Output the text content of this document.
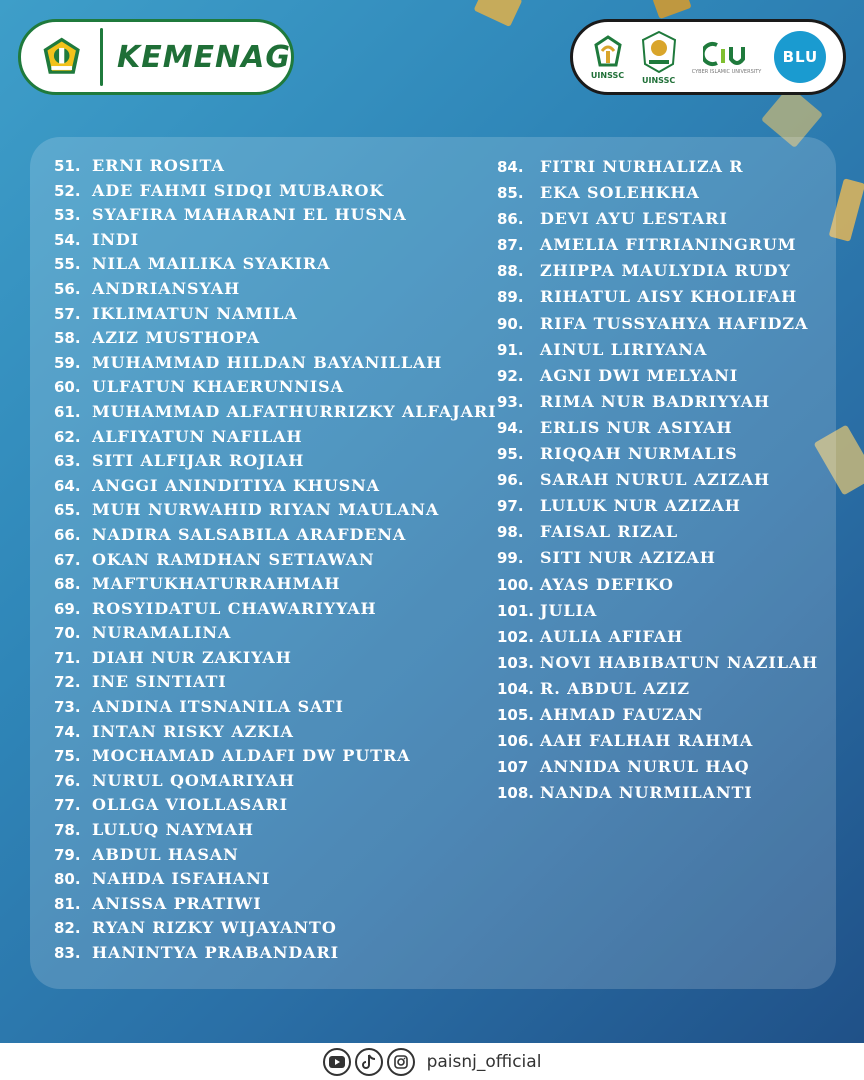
KEMENAG
UINSSC
UINSSC
CYBER ISLAMIC UNIVERSITY
BLU
51. ERNI ROSITA
52. ADE FAHMI SIDQI MUBAROK
53. SYAFIRA MAHARANI EL HUSNA
54. INDI
55. NILA MAILIKA SYAKIRA
56. ANDRIANSYAH
57. IKLIMATUN NAMILA
58. AZIZ MUSTHOPA
59. MUHAMMAD HILDAN BAYANILLAH
60. ULFATUN KHAERUNNISA
61. MUHAMMAD ALFATHURRIZKY ALFAJARI
62. ALFIYATUN NAFILAH
63. SITI ALFIJAR ROJIAH
64. ANGGI ANINDITIYA KHUSNA
65. MUH NURWAHID RIYAN MAULANA
66. NADIRA SALSABILA ARAFDENA
67. OKAN RAMDHAN SETIAWAN
68. MAFTUKHATURRAHMAH
69. ROSYIDATUL CHAWARIYYAH
70. NURAMALINA
71. DIAH NUR ZAKIYAH
72. INE SINTIATI
73. ANDINA ITSNANILA SATI
74. INTAN RISKY AZKIA
75. MOCHAMAD ALDAFI DW PUTRA
76. NURUL QOMARIYAH
77. OLLGA VIOLLASARI
78. LULUQ NAYMAH
79. ABDUL HASAN
80. NAHDA ISFAHANI
81. ANISSA PRATIWI
82. RYAN RIZKY WIJAYANTO
83. HANINTYA PRABANDARI
84.	FITRI NURHALIZA R
85.	EKA SOLEHKHA
86.	DEVI AYU LESTARI
87.	AMELIA FITRIANINGRUM
88.	ZHIPPA MAULYDIA RUDY
89.	RIHATUL AISY KHOLIFAH
90.	RIFA TUSSYAHYA HAFIDZA
91.	AINUL LIRIYANA
92.	AGNI DWI MELYANI
93.	RIMA NUR BADRIYYAH
94.	ERLIS NUR ASIYAH
95.	RIQQAH NURMALIS
96.	SARAH NURUL AZIZAH
97.	LULUK NUR AZIZAH
98.	FAISAL RIZAL
99.	SITI NUR AZIZAH
100. AYAS DEFIKO
101. JULIA
102. AULIA AFIFAH
103. NOVI HABIBATUN NAZILAH
104. R. ABDUL AZIZ
105. AHMAD FAUZAN
106. AAH FALHAH RAHMA
107 ANNIDA NURUL HAQ
108. NANDA NURMILANTI
paisnj_official
